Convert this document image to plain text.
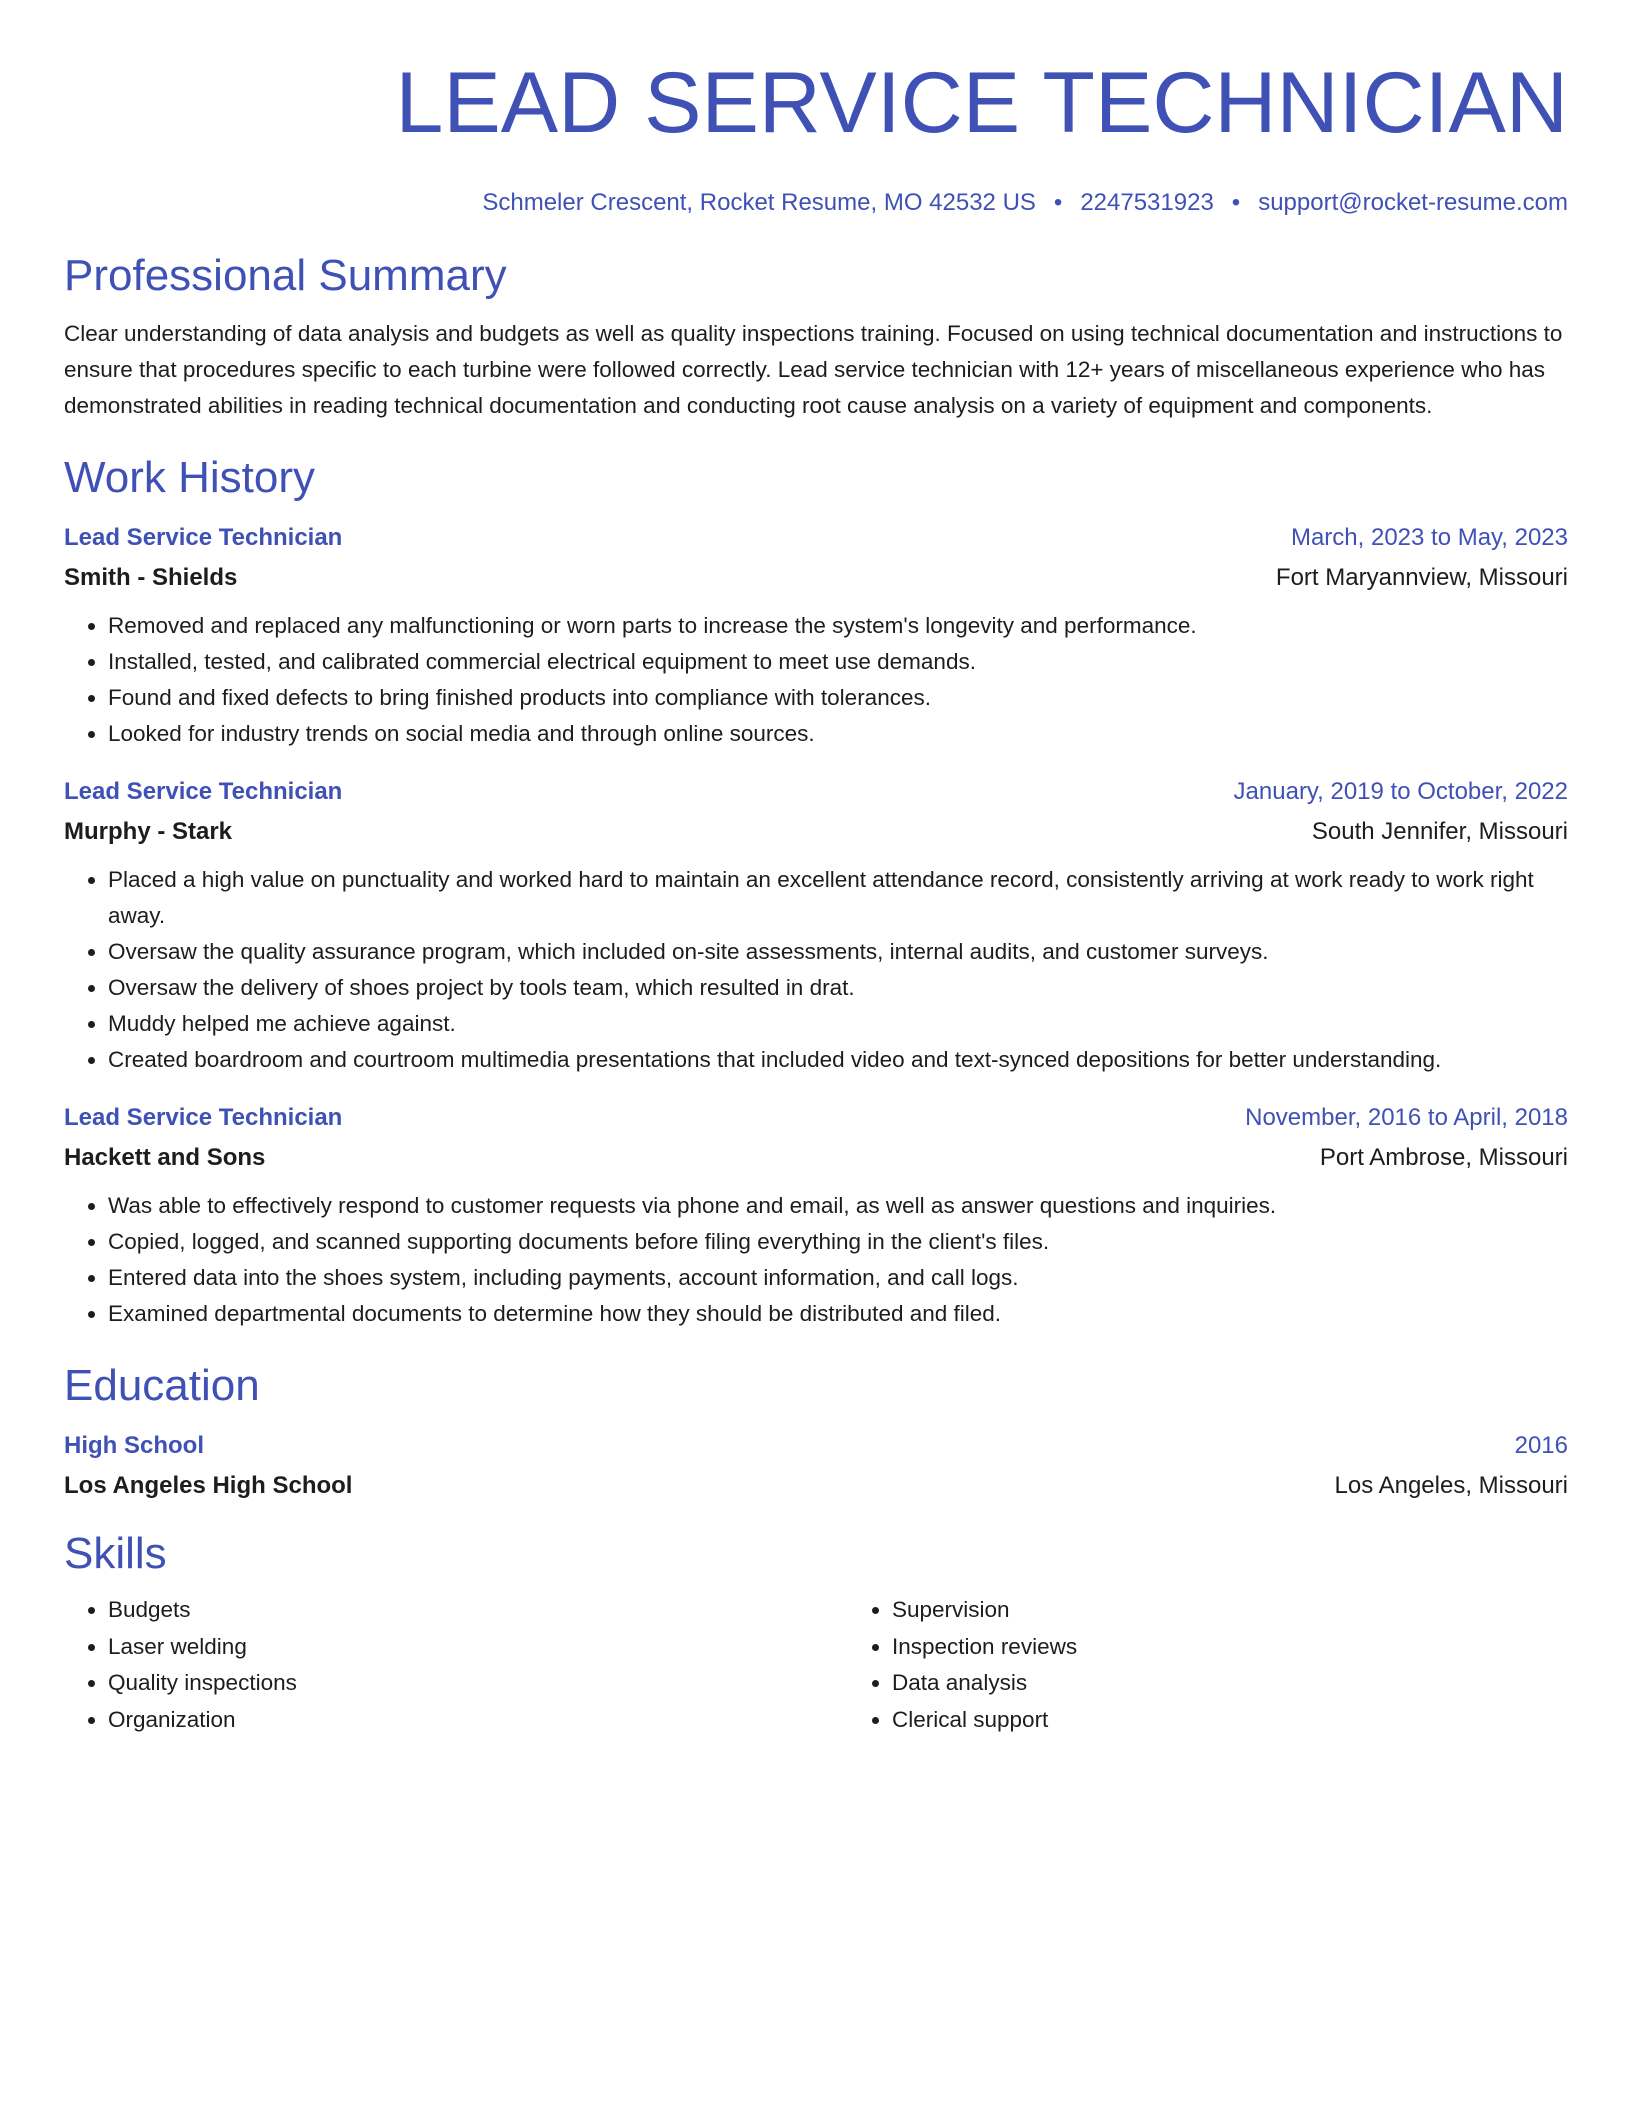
LEAD SERVICE TECHNICIAN
Schmeler Crescent, Rocket Resume, MO 42532 US • 2247531923 • support@rocket-resume.com
Professional Summary

Clear understanding of data analysis and budgets as well as quality inspections training. Focused on using technical documentation and instructions to ensure that procedures specific to each turbine were followed correctly. Lead service technician with 12+ years of miscellaneous experience who has demonstrated abilities in reading technical documentation and conducting root cause analysis on a variety of equipment and components.

Work History
Lead Service Technician	March, 2023 to May, 2023
Smith - Shields	Fort Maryannview, Missouri
• Removed and replaced any malfunctioning or worn parts to increase the system's longevity and performance.
• Installed, tested, and calibrated commercial electrical equipment to meet use demands.
• Found and fixed defects to bring finished products into compliance with tolerances.
• Looked for industry trends on social media and through online sources.
Lead Service Technician	January, 2019 to October, 2022
Murphy - Stark	South Jennifer, Missouri
• Placed a high value on punctuality and worked hard to maintain an excellent attendance record, consistently arriving at work ready to work right away.
• Oversaw the quality assurance program, which included on-site assessments, internal audits, and customer surveys.
• Oversaw the delivery of shoes project by tools team, which resulted in drat.
• Muddy helped me achieve against.
• Created boardroom and courtroom multimedia presentations that included video and text-synced depositions for better understanding.
Lead Service Technician	November, 2016 to April, 2018
Hackett and Sons	Port Ambrose, Missouri
• Was able to effectively respond to customer requests via phone and email, as well as answer questions and inquiries.
• Copied, logged, and scanned supporting documents before filing everything in the client's files.
• Entered data into the shoes system, including payments, account information, and call logs.
• Examined departmental documents to determine how they should be distributed and filed.
Education
High School	2016
Los Angeles High School	Los Angeles, Missouri
Skills
• Budgets
• Laser welding
• Quality inspections
• Organization
• Supervision
• Inspection reviews
• Data analysis
• Clerical support
